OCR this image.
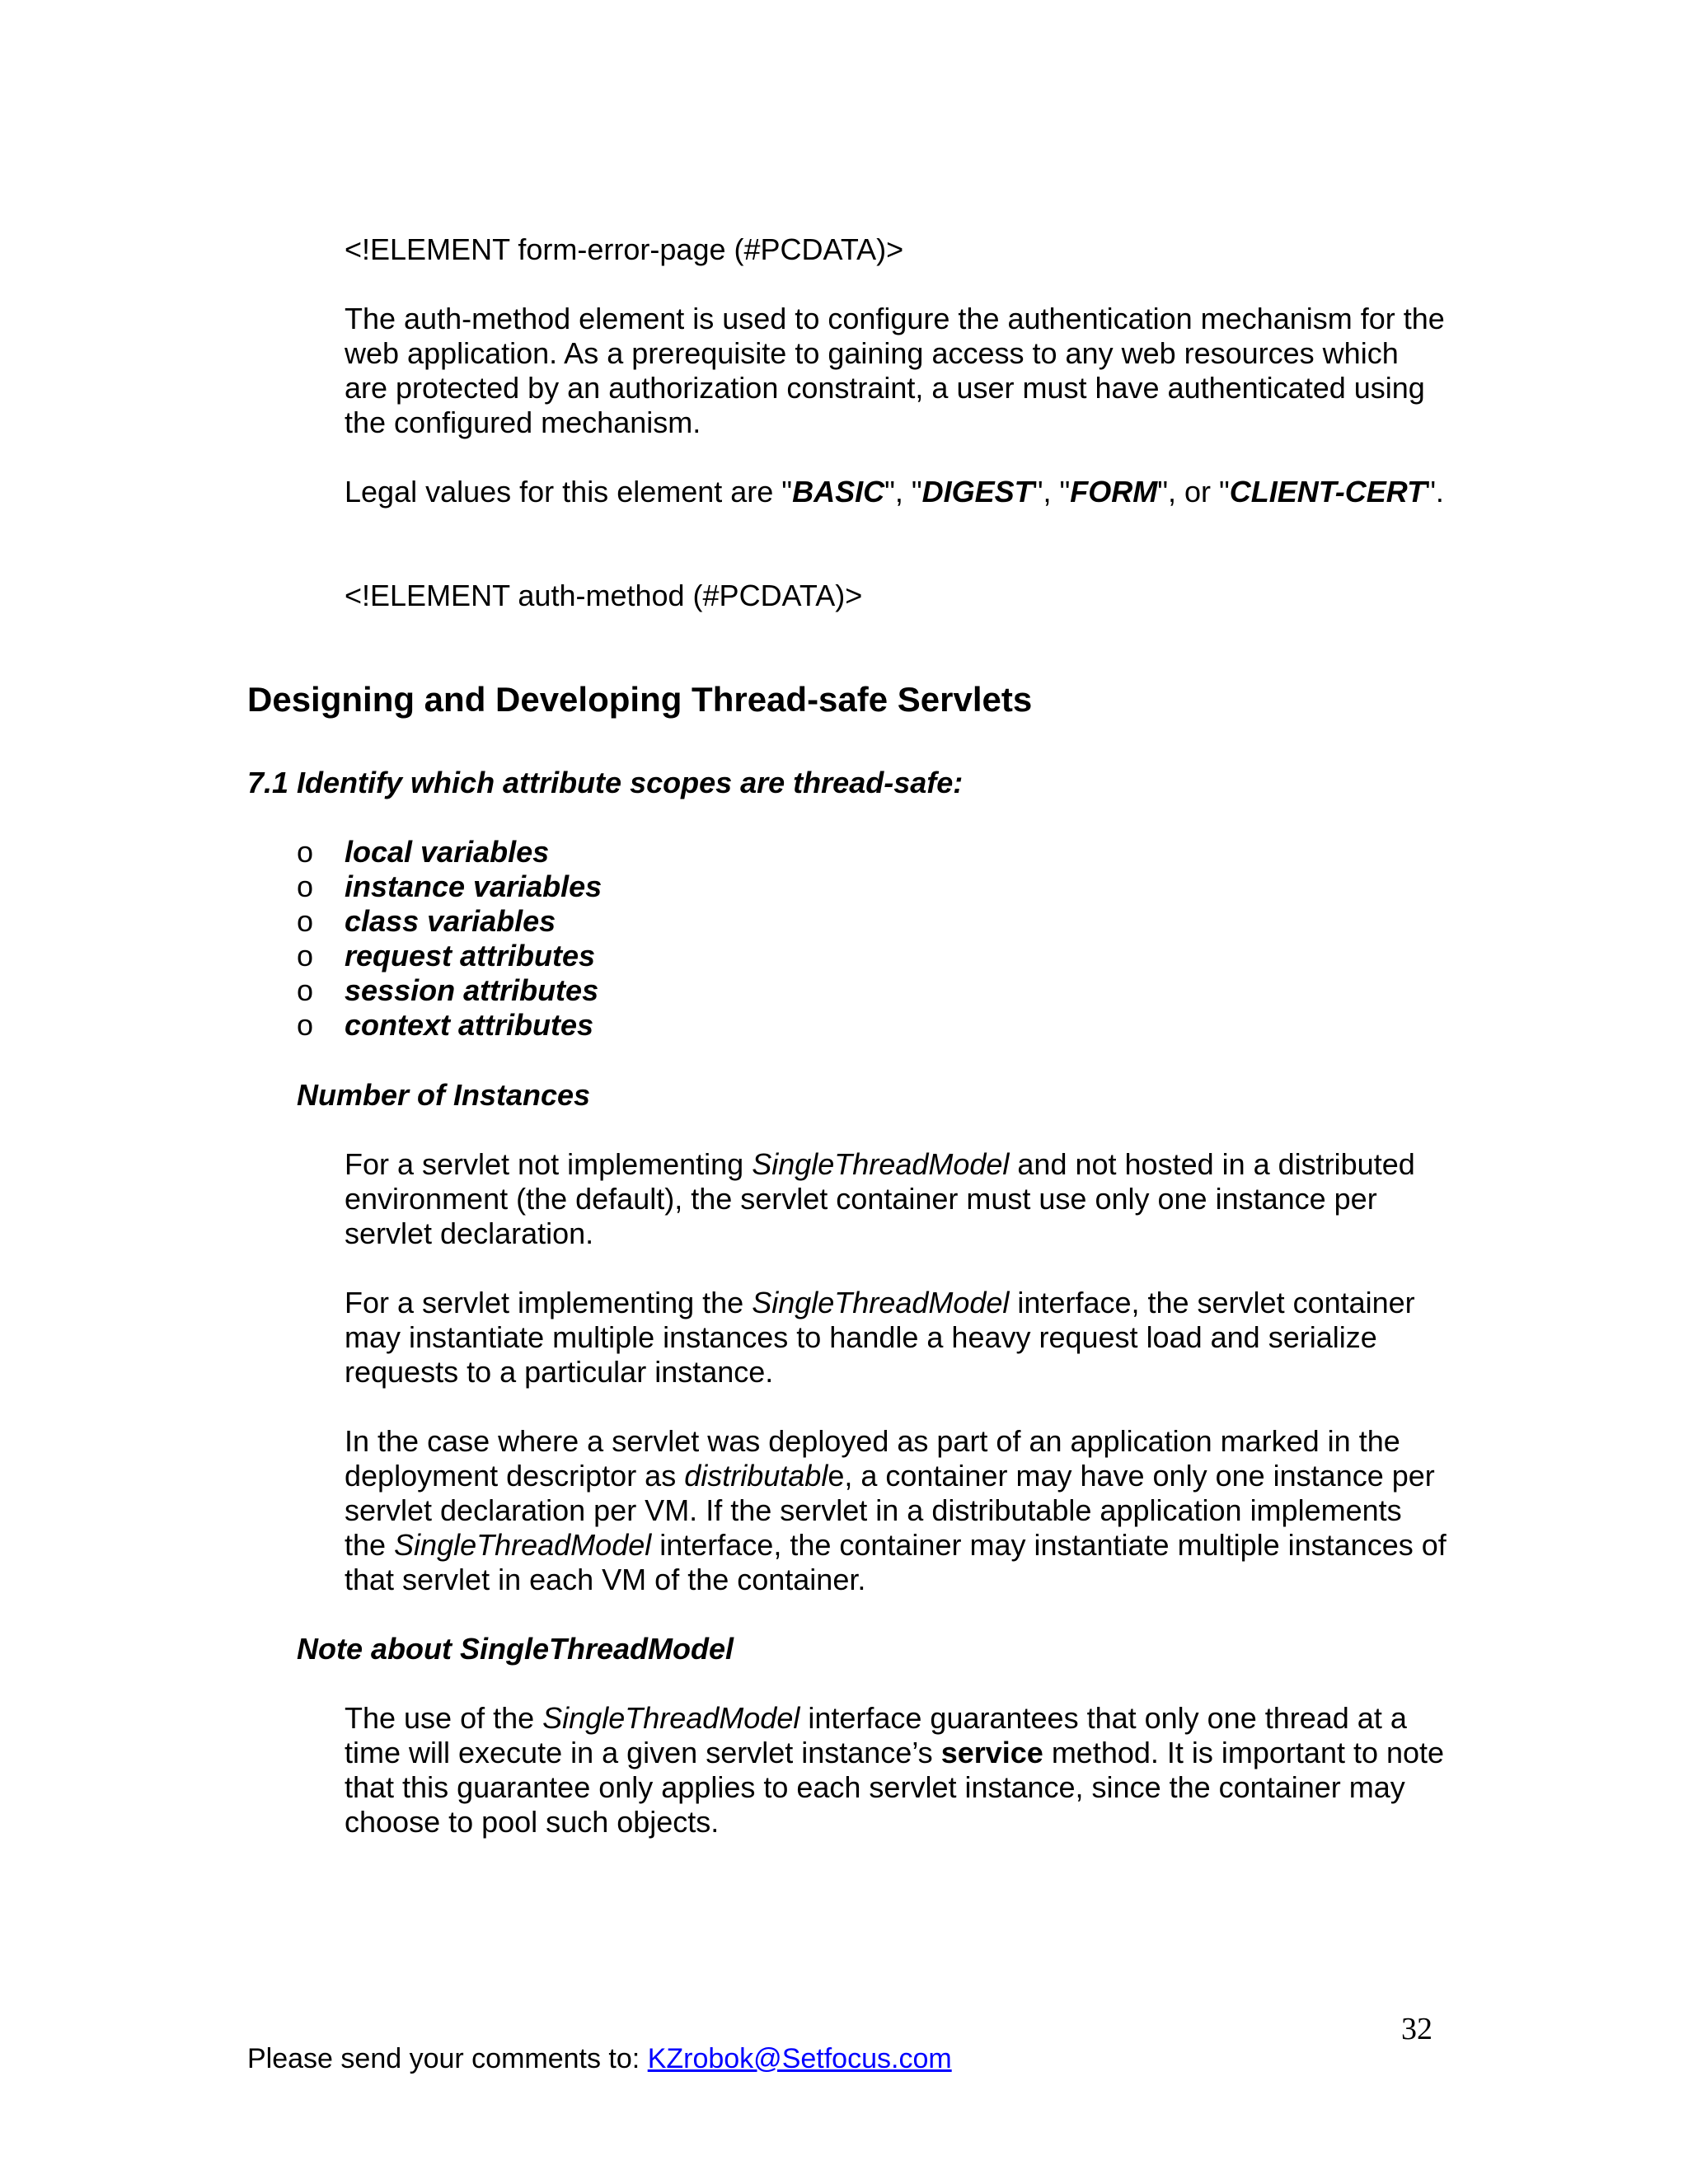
<!ELEMENT form-error-page (#PCDATA)>

The auth-method element is used to configure the authentication mechanism for the web application. As a prerequisite to gaining access to any web resources which are protected by an authorization constraint, a user must have authenticated using the configured mechanism.

Legal values for this element are "BASIC", "DIGEST", "FORM", or "CLIENT-CERT".

<!ELEMENT auth-method (#PCDATA)>

Designing and Developing Thread-safe Servlets

7.1 Identify which attribute scopes are thread-safe:

o local variables
o instance variables
o class variables
o request attributes
o session attributes
o context attributes

Number of Instances

For a servlet not implementing SingleThreadModel and not hosted in a distributed environment (the default), the servlet container must use only one instance per servlet declaration.

For a servlet implementing the SingleThreadModel interface, the servlet container may instantiate multiple instances to handle a heavy request load and serialize requests to a particular instance.

In the case where a servlet was deployed as part of an application marked in the deployment descriptor as distributable, a container may have only one instance per servlet declaration per VM. If the servlet in a distributable application implements the SingleThreadModel interface, the container may instantiate multiple instances of that servlet in each VM of the container.

Note about SingleThreadModel

The use of the SingleThreadModel interface guarantees that only one thread at a time will execute in a given servlet instance’s service method. It is important to note that this guarantee only applies to each servlet instance, since the container may choose to pool such objects.

32
Please send your comments to: KZrobok@Setfocus.com
